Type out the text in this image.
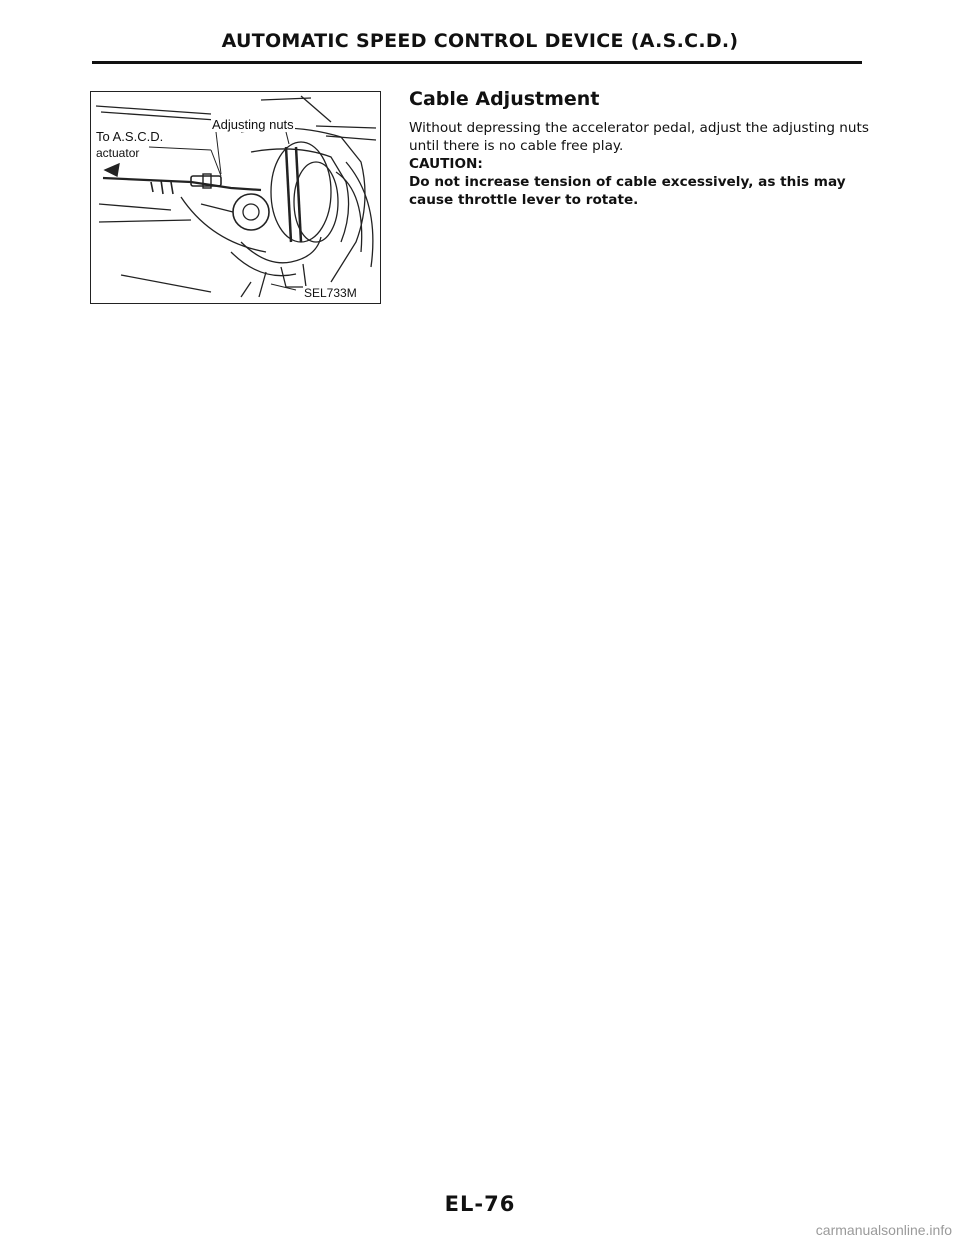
AUTOMATIC SPEED CONTROL DEVICE (A.S.C.D.)
To A.S.C.D.
actuator
Adjusting nuts
SEL733M
Cable Adjustment

Without depressing the accelerator pedal, adjust the adjusting nuts until there is no cable free play.

CAUTION:

Do not increase tension of cable excessively, as this may cause throttle lever to rotate.

EL-76
carmanualsonline.info
